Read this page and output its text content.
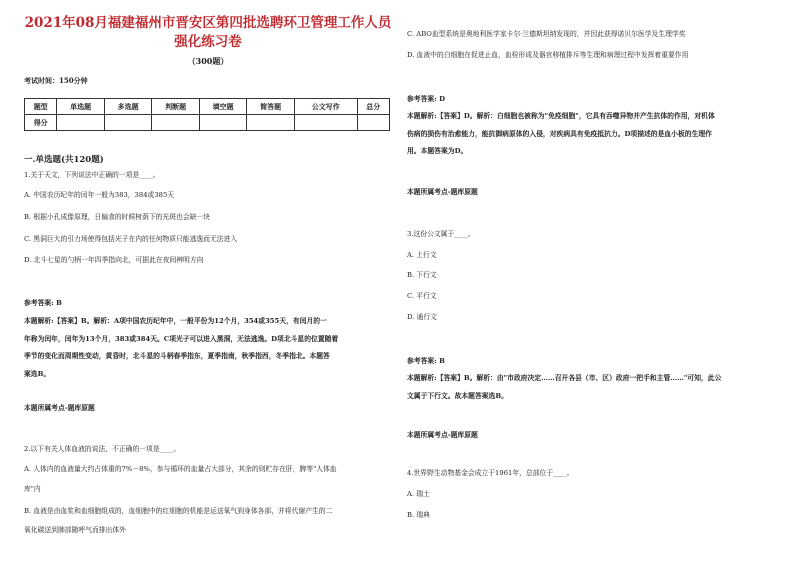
2021年08月福建福州市晋安区第四批选聘环卫管理工作人员
强化练习卷
（300题）
考试时间：150分钟
题型	单选题	多选题	判断题	填空题	简答题	公文写作	总分
得分							
一.单选题(共120题)
1.关于天文，下列说法中正确的一项是____。
A. 中国农历纪年的闰年一般为383，384或385天
B. 根据小孔成像原理，日偏食的时候树荫下的光斑也会缺一块
C. 黑洞巨大的引力场使得包括光子在内的任何物质只能逃逸而无法进入
D. 北斗七星的勺柄一年四季指向北，可据此在夜间辨明方向
参考答案: B
本题解析:【答案】B。解析：A项中国农历纪年中，一般平份为12个月，354或355天，有闰月的一
年称为闰年，闰年为13个月，383或384天。C项光子可以进入黑洞，无法逃逸。D项北斗星的位置随着
季节的变化而周期性变动，黄昏时，北斗星的斗柄春季指东，夏季指南，秋季指西，冬季指北。本题答
案选B。
本题所属考点-题库原题
2.以下有关人体血液的说法，不正确的一项是____。
A. 人体内的血液量大约占体重的7%－8%，参与循环的血量占大部分，其余的则贮存在肝，脾等"人体血
库"内
B. 血液是由血浆和血细胞组成的，血细胞中的红细胞的机能是运送氧气到身体各部，并将代谢产生的二
氧化碳送到肺部随呼气而排出体外
C. ABO血型系统是奥地利医学家卡尔·兰德斯坦纳发现的，并因此获得诺贝尔医学及生理学奖
D. 血液中的白细胞在促进止血，血栓形成及器官移植排斥等生理和病理过程中发挥着重要作用
参考答案: D
本题解析:【答案】D。解析：白细胞也被称为"免疫细胞"，它具有吞噬异物并产生抗体的作用，对机体
伤病的损伤有治愈能力，能抗御病原体的入侵，对疾病具有免疫抵抗力。D项描述的是血小板的生理作
用。本题答案为D。
本题所属考点-题库原题
3.这份公文属于____。
A. 上行文
B. 下行文
C. 平行文
D. 通行文
参考答案: B
本题解析:【答案】B。解析：由"市政府决定……召开各县（市、区）政府一把手和主管……"可知，此公
文属于下行文。故本题答案选B。
本题所属考点-题库原题
4.世界野生动物基金会成立于1961年，总部位于____。
A. 瑞士
B. 瑞典
